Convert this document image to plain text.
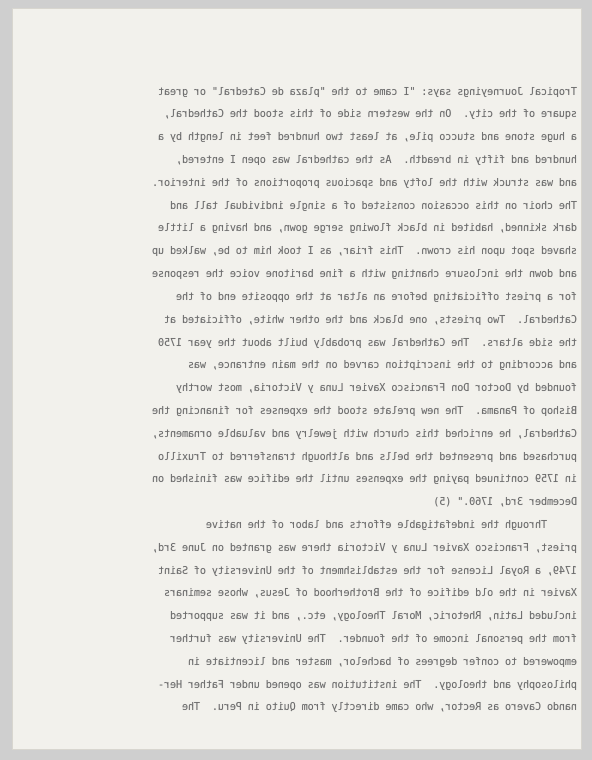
Tropical Journeyings says: "I came to the "plaza de Catedral" or great
square of the city.  On the western side of this stood the Cathedral,
a huge stone and stucco pile, at least two hundred feet in length by a
hundred and fifty in breadth.  As the cathedral was open I entered,
and was struck with the lofty and spacious proportions of the interior.
The choir on this occasion consisted of a single individual tall and
dark skinned, habited in black flowing serge gown, and having a little
shaved spot upon his crown.  This friar, as I took him to be, walked up
and down the inclosure chanting with a fine baritone voice the response
for a priest officiating before an altar at the opposite end of the
Cathedral.  Two priests, one black and the other white, officiated at
the side altars.  The Cathedral was probably built about the year 1750
and according to the inscription carved on the main entrance, was
founded by Doctor Don Francisco Xavier Luna y Victoria, most worthy
Bishop of Panama.  The new prelate stood the expenses for financing the
Cathedral, he enriched this church with jewelry and valuable ornaments,
purchased and presented the bells and although transferred to Truxillo
in 1759 continued paying the expenses until the edifice was finished on
December 3rd, 1760." (5)
Through the indefatigable efforts and labor of the native
priest, Francisco Xavier Luna y Victoria there was granted on June 3rd,
1749, a Royal License for the establishment of the University of Saint
Xavier in the old edifice of the Brotherhood of Jesus, whose seminars
included Latin, Rhetoric, Moral Theology, etc., and it was supported
from the personal income of the founder.  The University was further
empowered to confer degrees of bachelor, master and licentiate in
philosophy and theology.  The institution was opened under Father Her-
nando Cavero as Rector, who came directly from Quito in Peru.  The
